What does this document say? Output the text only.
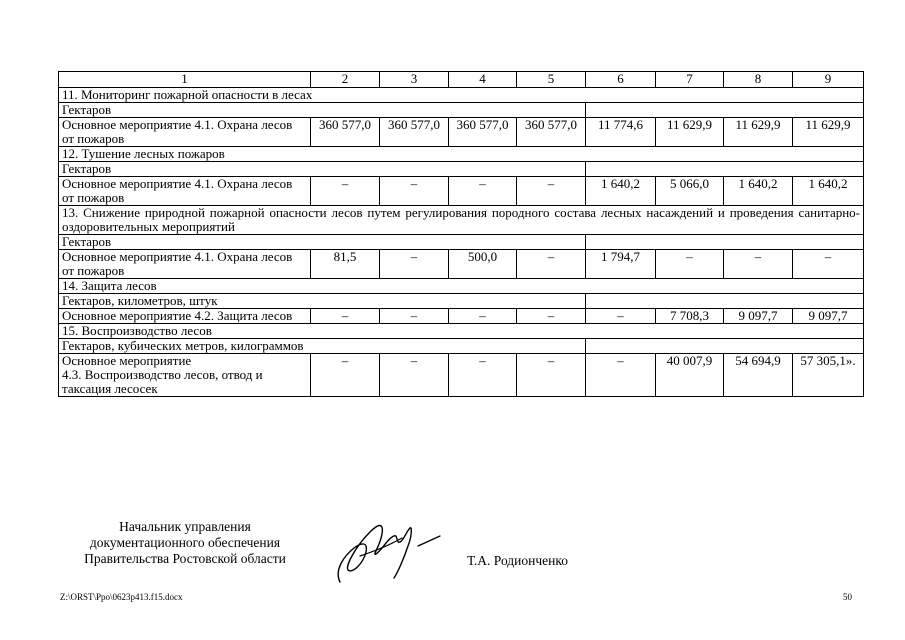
1	2	3	4	5	6	7	8	9
11. Мониторинг пожарной опасности в лесах								
Гектаров								
Основное мероприятие 4.1. Охрана лесов от пожаров	360 577,0	360 577,0	360 577,0	360 577,0	11 774,6	11 629,9	11 629,9	11 629,9
12. Тушение лесных пожаров								
Гектаров								
Основное мероприятие 4.1. Охрана лесов от пожаров	–	–	–	–	1 640,2	5 066,0	1 640,2	1 640,2
13. Снижение природной пожарной опасности лесов путем регулирования породного состава лесных насаждений и проведения санитарно-оздоровительных мероприятий								
Гектаров								
Основное мероприятие 4.1. Охрана лесов от пожаров	81,5	–	500,0	–	1 794,7	–	–	–
14. Защита лесов								
Гектаров, километров, штук								
Основное мероприятие 4.2. Защита лесов	–	–	–	–	–	7 708,3	9 097,7	9 097,7
15. Воспроизводство лесов								
Гектаров, кубических метров, килограммов								
Основное мероприятие
4.3. Воспроизводство лесов, отвод и таксация лесосек	–	–	–	–	–	40 007,9	54 694,9	57 305,1».
Начальник управления
документационного обеспечения
Правительства Ростовской области	Т.А. Родионченко
Z:\ORST\Ppo\0623p413.f15.docx	50
